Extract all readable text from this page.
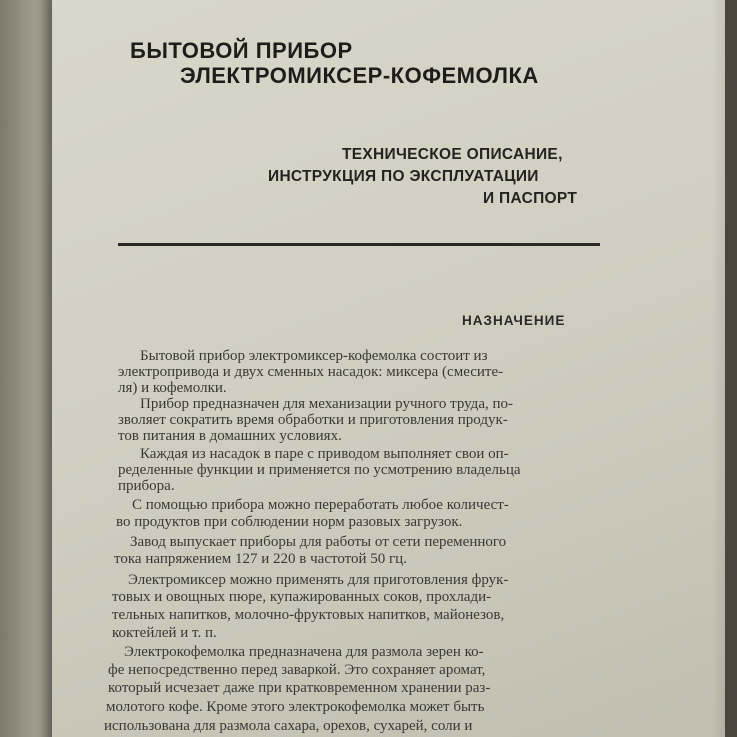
БЫТОВОЙ ПРИБОР
ЭЛЕКТРОМИКСЕР-КОФЕМОЛКА

ТЕХНИЧЕСКОЕ ОПИСАНИЕ,

ИНСТРУКЦИЯ ПО ЭКСПЛУАТАЦИИ

И ПАСПОРТ

НАЗНАЧЕНИЕ

Бытовой прибор электромиксер-кофемолка состоит из

электропривода и двух сменных насадок: миксера (смесите-

ля) и кофемолки.

Прибор предназначен для механизации ручного труда, по-

зволяет сократить время обработки и приготовления продук-

тов питания в домашних условиях.

Каждая из насадок в паре с приводом выполняет свои оп-

ределенные функции и применяется по усмотрению владельца

прибора.

С помощью прибора можно переработать любое количест-

во продуктов при соблюдении норм разовых загрузок.

Завод выпускает приборы для работы от сети переменного

тока напряжением 127 и 220 в частотой 50 гц.

Электромиксер можно применять для приготовления фрук-

товых и овощных пюре, купажированных соков, прохлади-

тельных напитков, молочно-фруктовых напитков, майонезов,

коктейлей и т. п.

Электрокофемолка предназначена для размола зерен ко-

фе непосредственно перед заваркой. Это сохраняет аромат,

который исчезает даже при кратковременном хранении раз-

молотого кофе. Кроме этого электрокофемолка может быть

использована для размола сахара, орехов, сухарей, соли и
